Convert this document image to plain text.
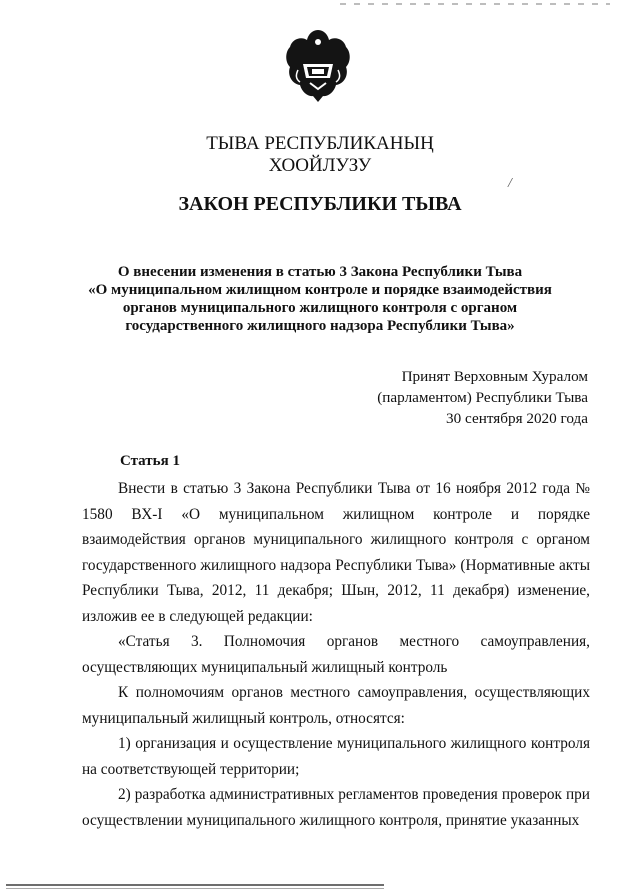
ТЫВА РЕСПУБЛИКАНЫҢ
ХООЙЛУЗУ
/
ЗАКОН РЕСПУБЛИКИ ТЫВА
О внесении изменения в статью 3 Закона Республики Тыва
«О муниципальном жилищном контроле и порядке взаимодействия
органов муниципального жилищного контроля с органом
государственного жилищного надзора Республики Тыва»
Принят Верховным Хуралом
(парламентом) Республики Тыва
30 сентября 2020 года
Статья 1

Внести в статью 3 Закона Республики Тыва от 16 ноября 2012 года № 1580 ВХ-I «О муниципальном жилищном контроле и порядке взаимодействия органов муниципального жилищного контроля с органом государственного жилищного надзора Республики Тыва» (Нормативные акты Республики Тыва, 2012, 11 декабря; Шын, 2012, 11 декабря) изменение, изложив ее в следующей редакции:

«Статья 3. Полномочия органов местного самоуправления,

осуществляющих муниципальный жилищный контроль

К полномочиям органов местного самоуправления, осуществляющих муниципальный жилищный контроль, относятся:

1) организация и осуществление муниципального жилищного контроля на соответствующей территории;

2) разработка административных регламентов проведения проверок при осуществлении муниципального жилищного контроля, принятие указанных
